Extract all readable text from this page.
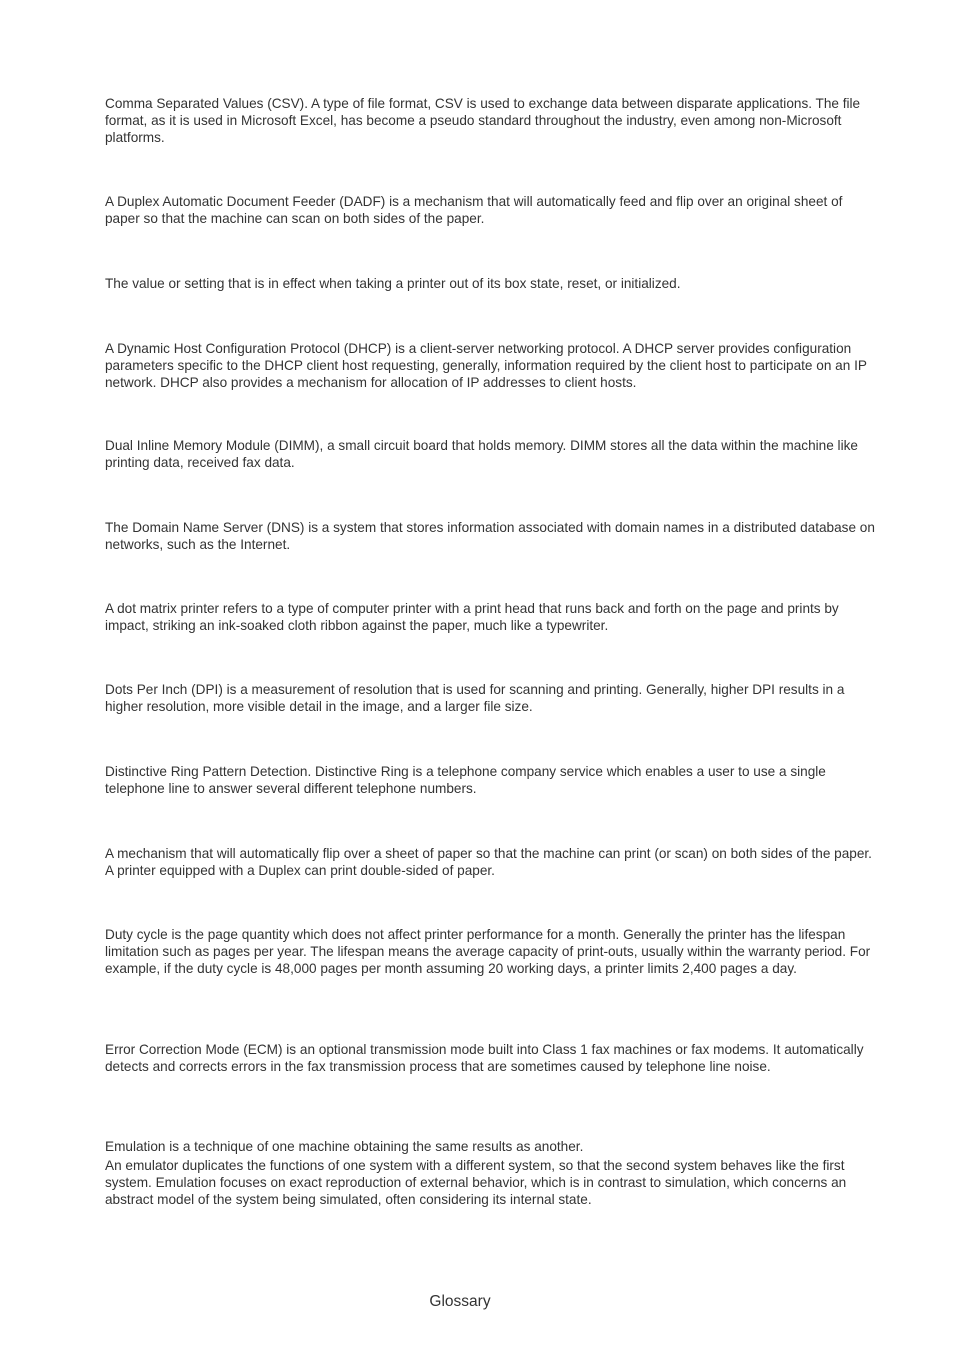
Comma Separated Values (CSV). A type of file format, CSV is used to exchange data between disparate applications. The file format, as it is used in Microsoft Excel, has become a pseudo standard throughout the industry, even among non-Microsoft platforms.

A Duplex Automatic Document Feeder (DADF) is a mechanism that will automatically feed and flip over an original sheet of paper so that the machine can scan on both sides of the paper.

The value or setting that is in effect when taking a printer out of its box state, reset, or initialized.

A Dynamic Host Configuration Protocol (DHCP) is a client-server networking protocol. A DHCP server provides configuration parameters specific to the DHCP client host requesting, generally, information required by the client host to participate on an IP network. DHCP also provides a mechanism for allocation of IP addresses to client hosts.

Dual Inline Memory Module (DIMM), a small circuit board that holds memory. DIMM stores all the data within the machine like printing data, received fax data.

The Domain Name Server (DNS) is a system that stores information associated with domain names in a distributed database on networks, such as the Internet.

A dot matrix printer refers to a type of computer printer with a print head that runs back and forth on the page and prints by impact, striking an ink-soaked cloth ribbon against the paper, much like a typewriter.

Dots Per Inch (DPI) is a measurement of resolution that is used for scanning and printing. Generally, higher DPI results in a higher resolution, more visible detail in the image, and a larger file size.

Distinctive Ring Pattern Detection. Distinctive Ring is a telephone company service which enables a user to use a single telephone line to answer several different telephone numbers.

A mechanism that will automatically flip over a sheet of paper so that the machine can print (or scan) on both sides of the paper. A printer equipped with a Duplex can print double-sided of paper.

Duty cycle is the page quantity which does not affect printer performance for a month. Generally the printer has the lifespan limitation such as pages per year. The lifespan means the average capacity of print-outs, usually within the warranty period. For example, if the duty cycle is 48,000 pages per month assuming 20 working days, a printer limits 2,400 pages a day.

Error Correction Mode (ECM) is an optional transmission mode built into Class 1 fax machines or fax modems. It automatically detects and corrects errors in the fax transmission process that are sometimes caused by telephone line noise.

Emulation is a technique of one machine obtaining the same results as another.

An emulator duplicates the functions of one system with a different system, so that the second system behaves like the first system. Emulation focuses on exact reproduction of external behavior, which is in contrast to simulation, which concerns an abstract model of the system being simulated, often considering its internal state.

Glossary
